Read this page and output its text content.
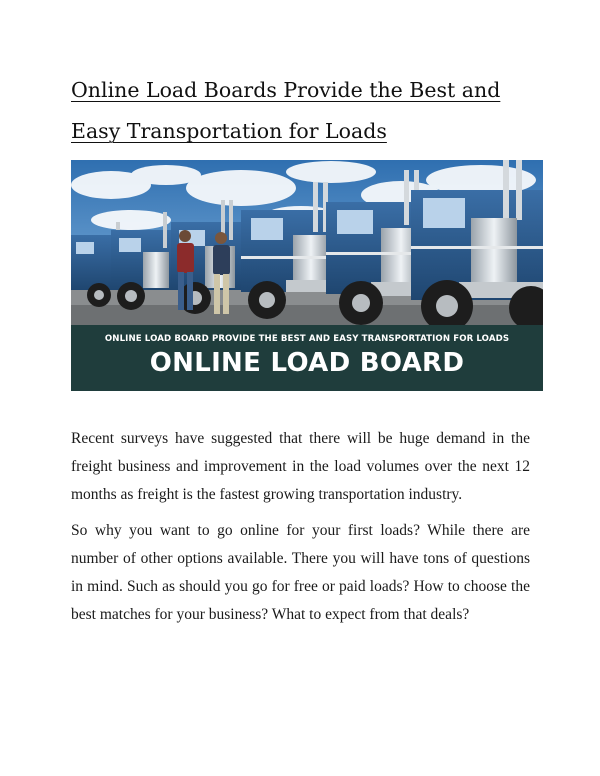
Online Load Boards Provide the Best and Easy Transportation for Loads
ONLINE LOAD BOARD PROVIDE THE BEST AND EASY TRANSPORTATION FOR LOADS
ONLINE LOAD BOARD

Recent surveys have suggested that there will be huge demand in the freight business and improvement in the load volumes over the next 12 months as freight is the fastest growing transportation industry.

So why you want to go online for your first loads? While there are number of other options available. There you will have tons of questions in mind. Such as should you go for free or paid loads? How to choose the best matches for your business? What to expect from that deals?
